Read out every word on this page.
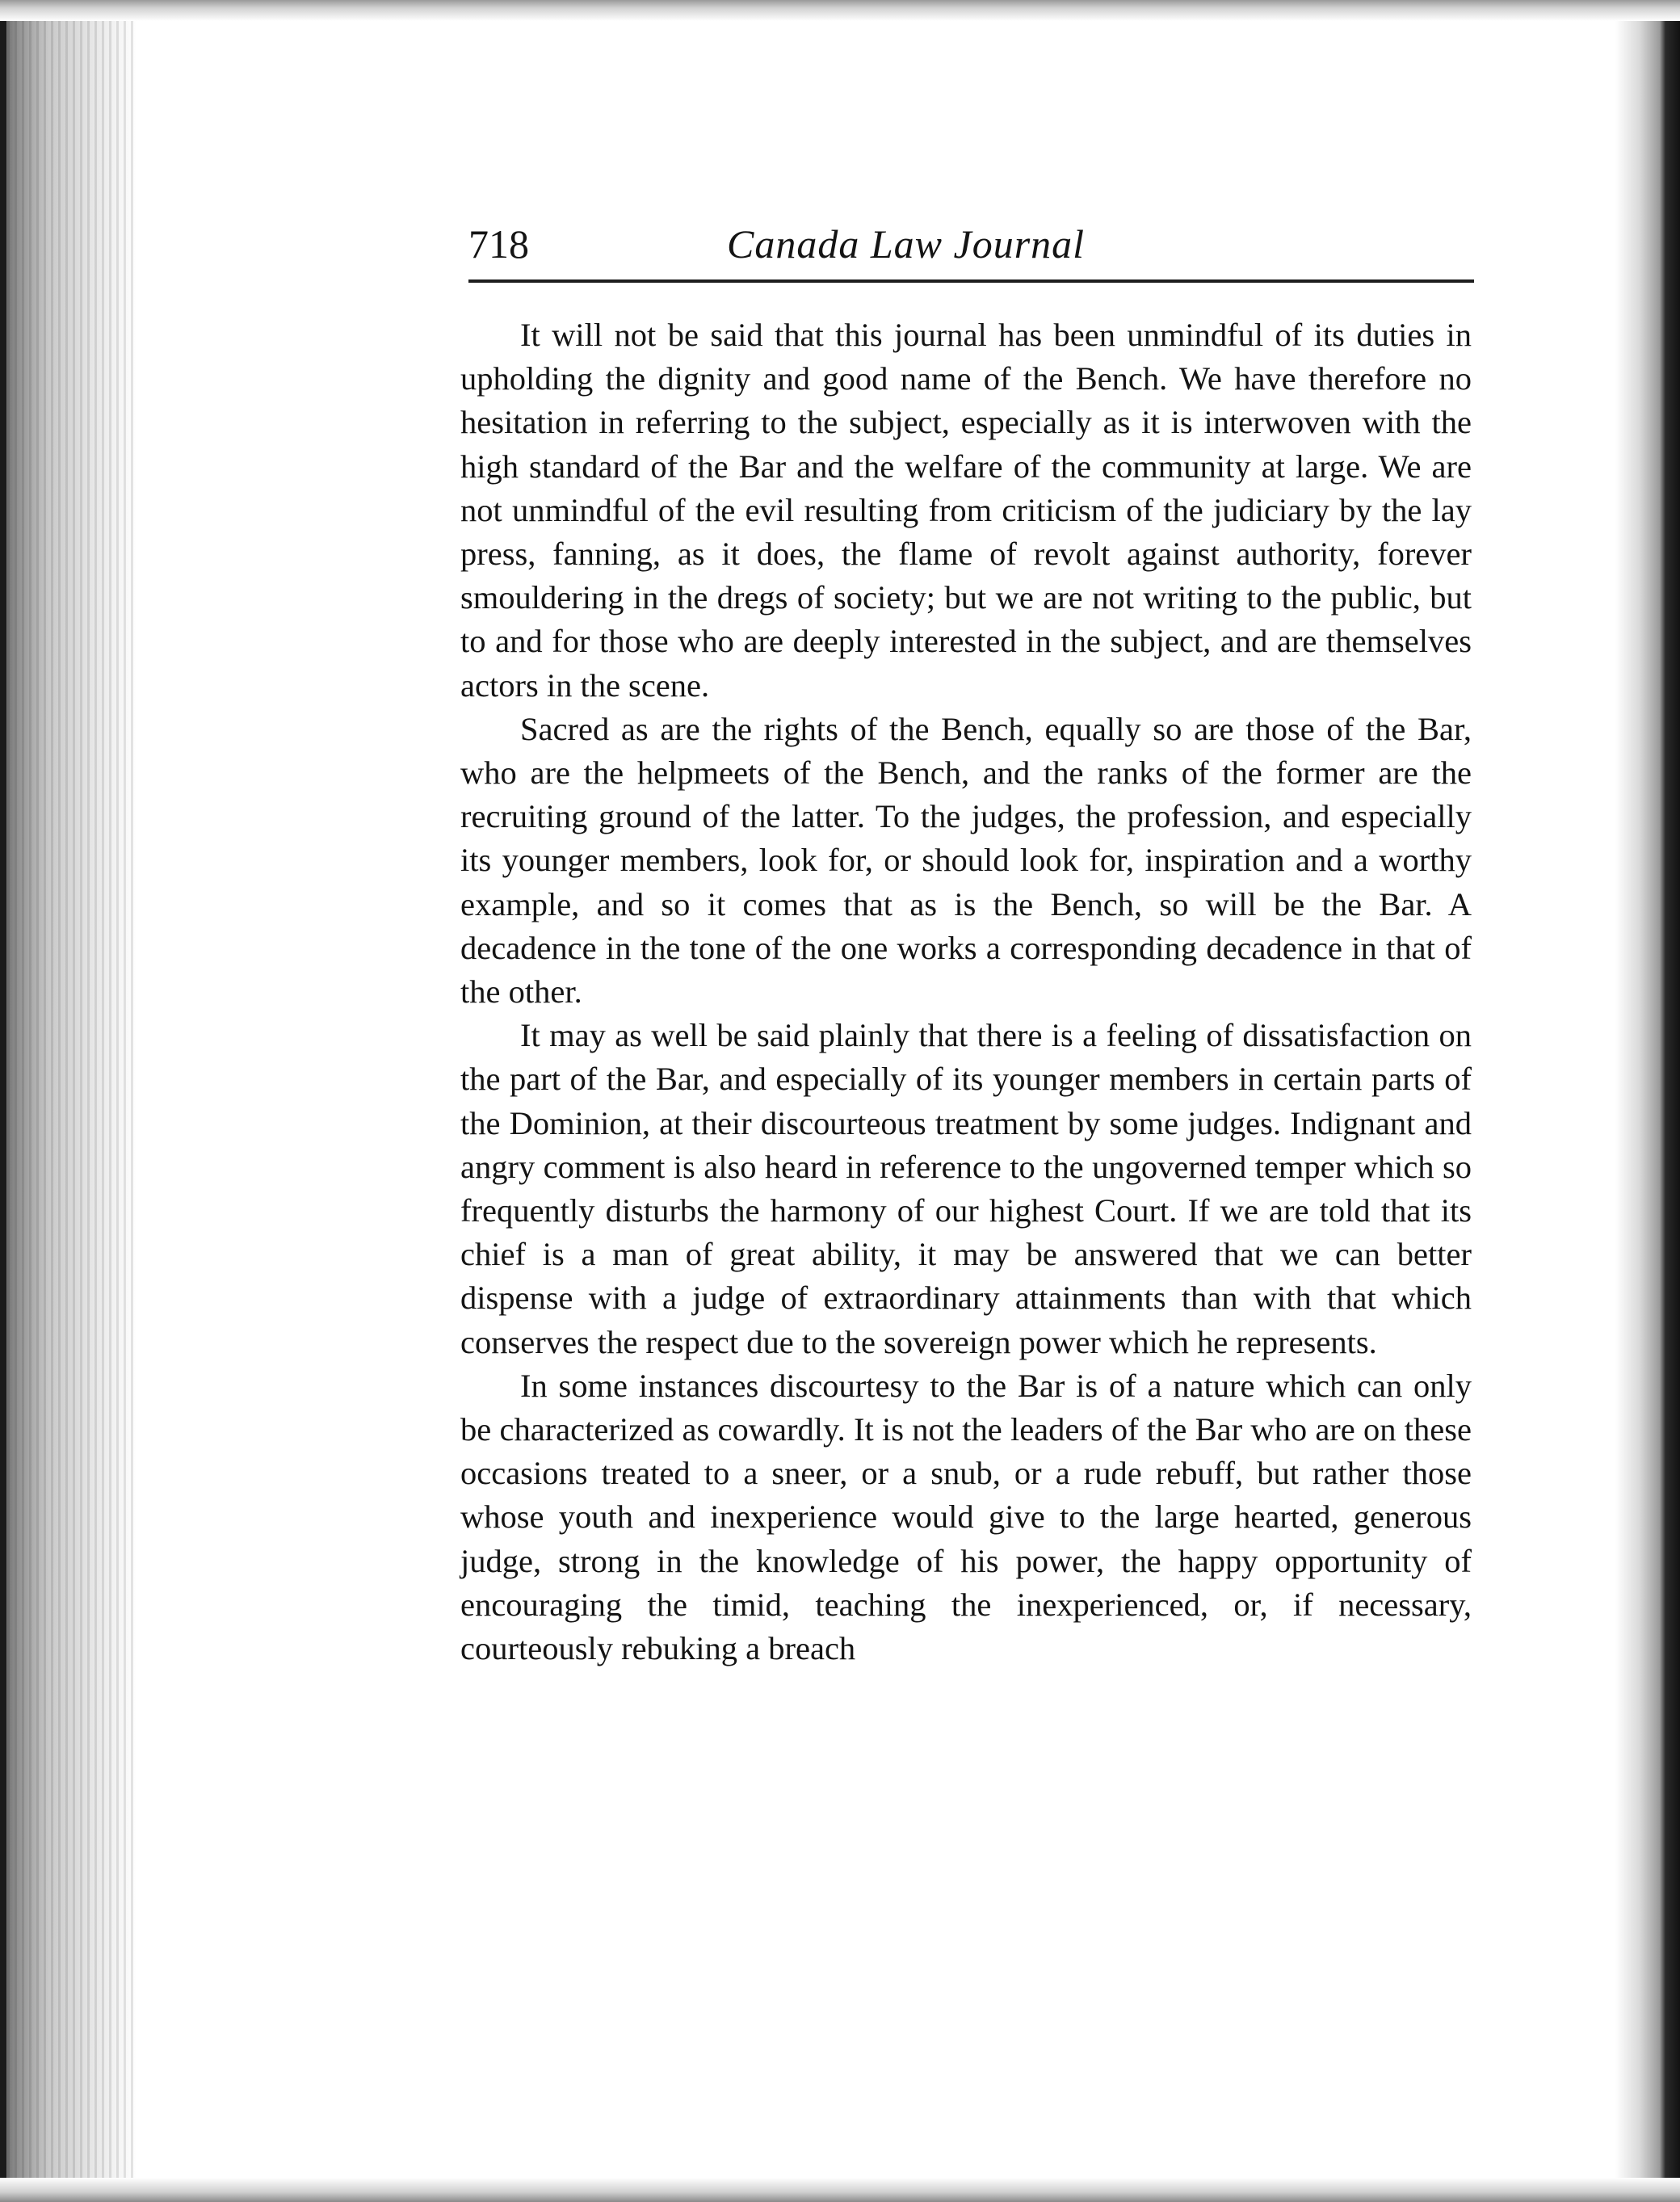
718	Canada Law Journal

It will not be said that this journal has been unmindful of its duties in upholding the dignity and good name of the Bench. We have therefore no hesitation in referring to the subject, especially as it is interwoven with the high standard of the Bar and the welfare of the community at large. We are not unmindful of the evil resulting from criticism of the judiciary by the lay press, fanning, as it does, the flame of revolt against authority, forever smouldering in the dregs of society; but we are not writing to the public, but to and for those who are deeply interested in the subject, and are themselves actors in the scene.

Sacred as are the rights of the Bench, equally so are those of the Bar, who are the helpmeets of the Bench, and the ranks of the former are the recruiting ground of the latter. To the judges, the profession, and especially its younger members, look for, or should look for, inspiration and a worthy example, and so it comes that as is the Bench, so will be the Bar. A decadence in the tone of the one works a corresponding decadence in that of the other.

It may as well be said plainly that there is a feeling of dissatisfaction on the part of the Bar, and especially of its younger members in certain parts of the Dominion, at their discourteous treatment by some judges. Indignant and angry comment is also heard in reference to the ungoverned temper which so frequently disturbs the harmony of our highest Court. If we are told that its chief is a man of great ability, it may be answered that we can better dispense with a judge of extraordinary attainments than with that which conserves the respect due to the sovereign power which he represents.

In some instances discourtesy to the Bar is of a nature which can only be characterized as cowardly. It is not the leaders of the Bar who are on these occasions treated to a sneer, or a snub, or a rude rebuff, but rather those whose youth and inexperience would give to the large hearted, generous judge, strong in the knowledge of his power, the happy opportunity of encouraging the timid, teaching the inexperienced, or, if necessary, courteously rebuking a breach
